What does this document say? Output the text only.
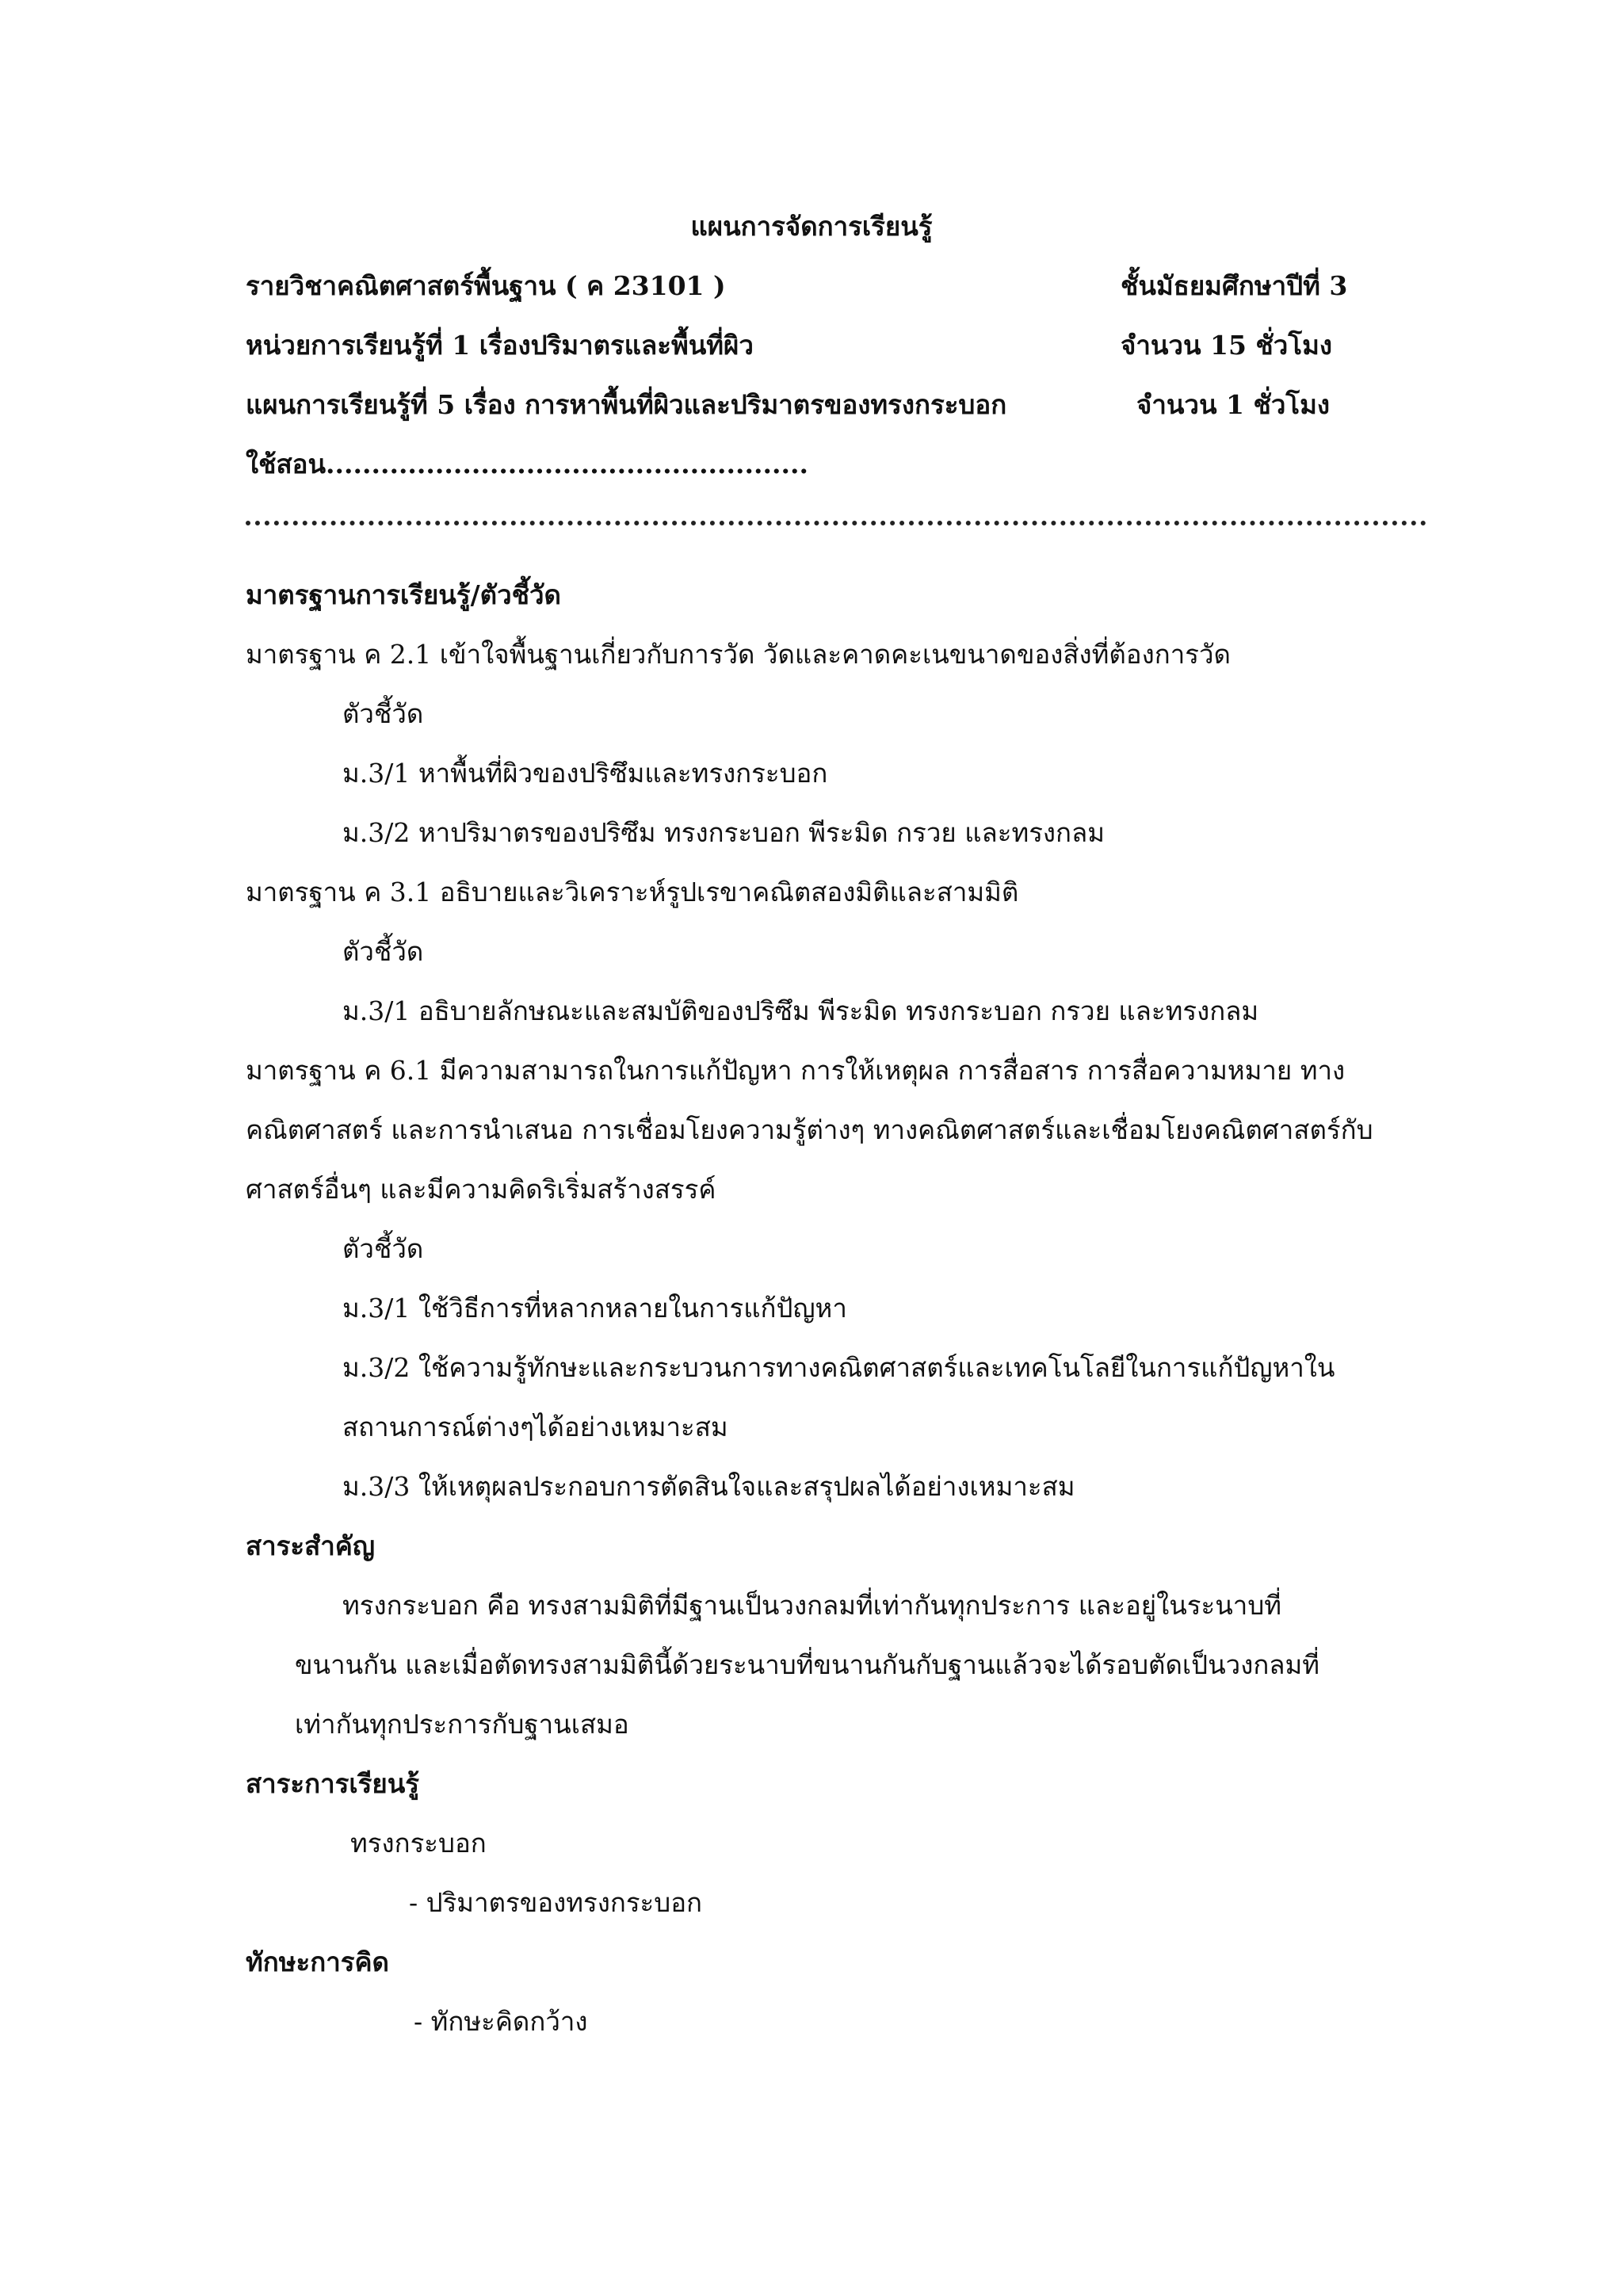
แผนการจัดการเรียนรู้
รายวิชาคณิตศาสตร์พื้นฐาน ( ค 23101 )	ชั้นมัธยมศึกษาปีที่ 3
หน่วยการเรียนรู้ที่ 1 เรื่องปริมาตรและพื้นที่ผิว	จำนวน 15 ชั่วโมง
แผนการเรียนรู้ที่ 5 เรื่อง การหาพื้นที่ผิวและปริมาตรของทรงกระบอก	จำนวน 1 ชั่วโมง
ใช้สอน.....................................................
มาตรฐานการเรียนรู้/ตัวชี้วัด
มาตรฐาน ค 2.1 เข้าใจพื้นฐานเกี่ยวกับการวัด วัดและคาดคะเนขนาดของสิ่งที่ต้องการวัด
ตัวชี้วัด
ม.3/1 หาพื้นที่ผิวของปริซึมและทรงกระบอก
ม.3/2 หาปริมาตรของปริซึม ทรงกระบอก พีระมิด กรวย และทรงกลม
มาตรฐาน ค 3.1 อธิบายและวิเคราะห์รูปเรขาคณิตสองมิติและสามมิติ
ตัวชี้วัด
ม.3/1 อธิบายลักษณะและสมบัติของปริซึม พีระมิด ทรงกระบอก กรวย และทรงกลม
มาตรฐาน ค 6.1 มีความสามารถในการแก้ปัญหา การให้เหตุผล การสื่อสาร การสื่อความหมาย ทาง
คณิตศาสตร์ และการนำเสนอ การเชื่อมโยงความรู้ต่างๆ ทางคณิตศาสตร์และเชื่อมโยงคณิตศาสตร์กับ
ศาสตร์อื่นๆ และมีความคิดริเริ่มสร้างสรรค์
ตัวชี้วัด
ม.3/1 ใช้วิธีการที่หลากหลายในการแก้ปัญหา
ม.3/2 ใช้ความรู้ทักษะและกระบวนการทางคณิตศาสตร์และเทคโนโลยีในการแก้ปัญหาใน
สถานการณ์ต่างๆได้อย่างเหมาะสม
ม.3/3 ให้เหตุผลประกอบการตัดสินใจและสรุปผลได้อย่างเหมาะสม
สาระสำคัญ
ทรงกระบอก คือ ทรงสามมิติที่มีฐานเป็นวงกลมที่เท่ากันทุกประการ และอยู่ในระนาบที่
ขนานกัน และเมื่อตัดทรงสามมิตินี้ด้วยระนาบที่ขนานกันกับฐานแล้วจะได้รอบตัดเป็นวงกลมที่
เท่ากันทุกประการกับฐานเสมอ
สาระการเรียนรู้
ทรงกระบอก
- ปริมาตรของทรงกระบอก
ทักษะการคิด
- ทักษะคิดกว้าง
